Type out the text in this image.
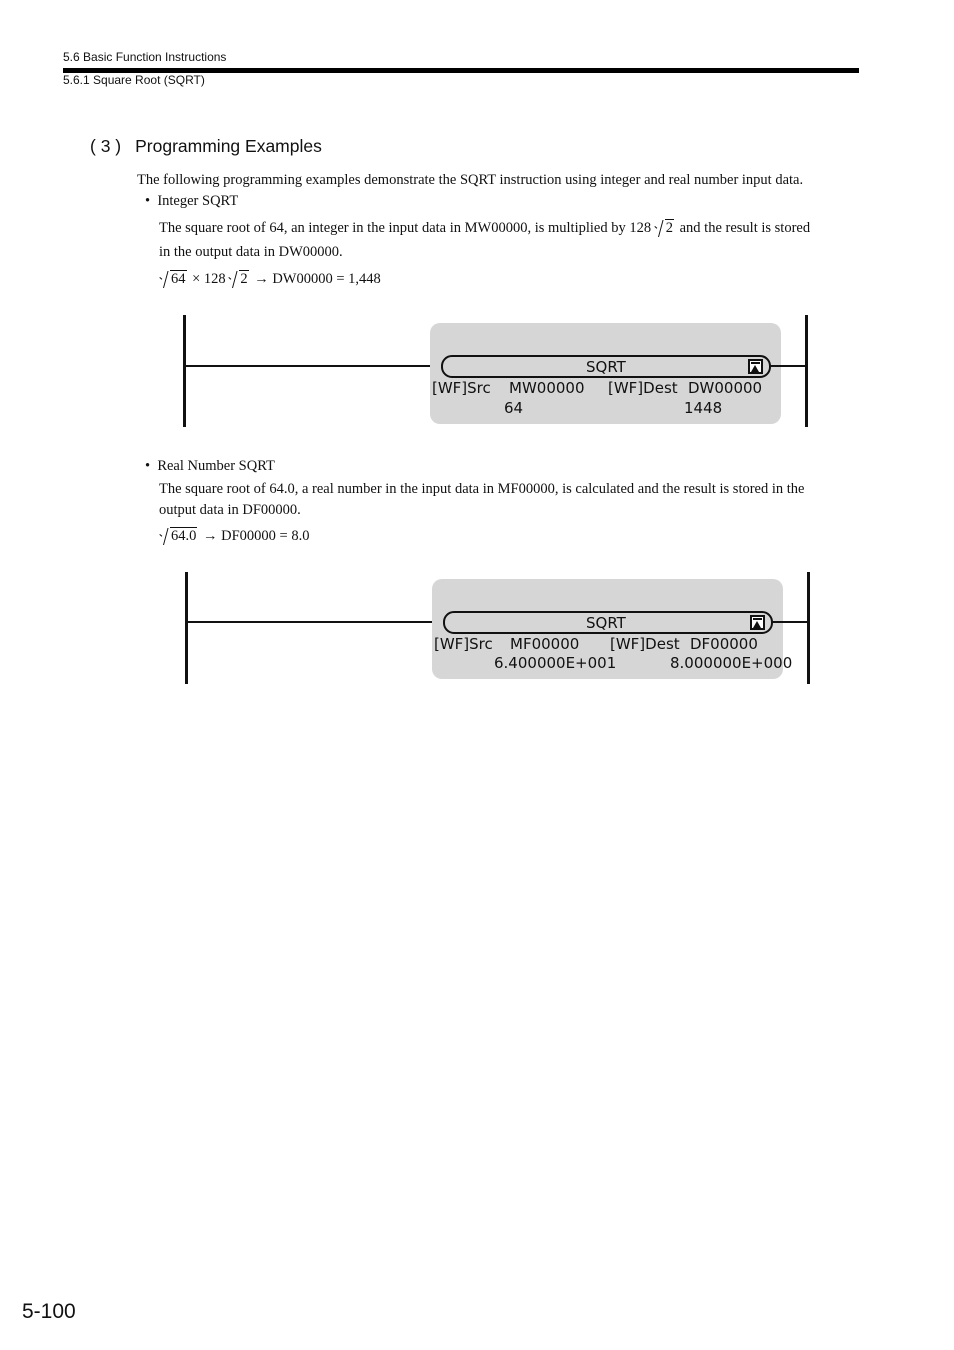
5.6 Basic Function Instructions
5.6.1 Square Root (SQRT)
( 3 ) Programming Examples
The following programming examples demonstrate the SQRT instruction using integer and real number input data.
• Integer SQRT
The square root of 64, an integer in the input data in MW00000, is multiplied by 128 2 and the result is stored
in the output data in DW00000.
64 × 128 2 → DW00000 = 1,448
SQRT
[WF]Src MW00000 [WF]Dest DW00000
64	1448
• Real Number SQRT
The square root of 64.0, a real number in the input data in MF00000, is calculated and the result is stored in the
output data in DF00000.
64.0 → DF00000 = 8.0
SQRT
[WF]Src MF00000 [WF]Dest DF00000
6.400000E+001	8.000000E+000
5-100
